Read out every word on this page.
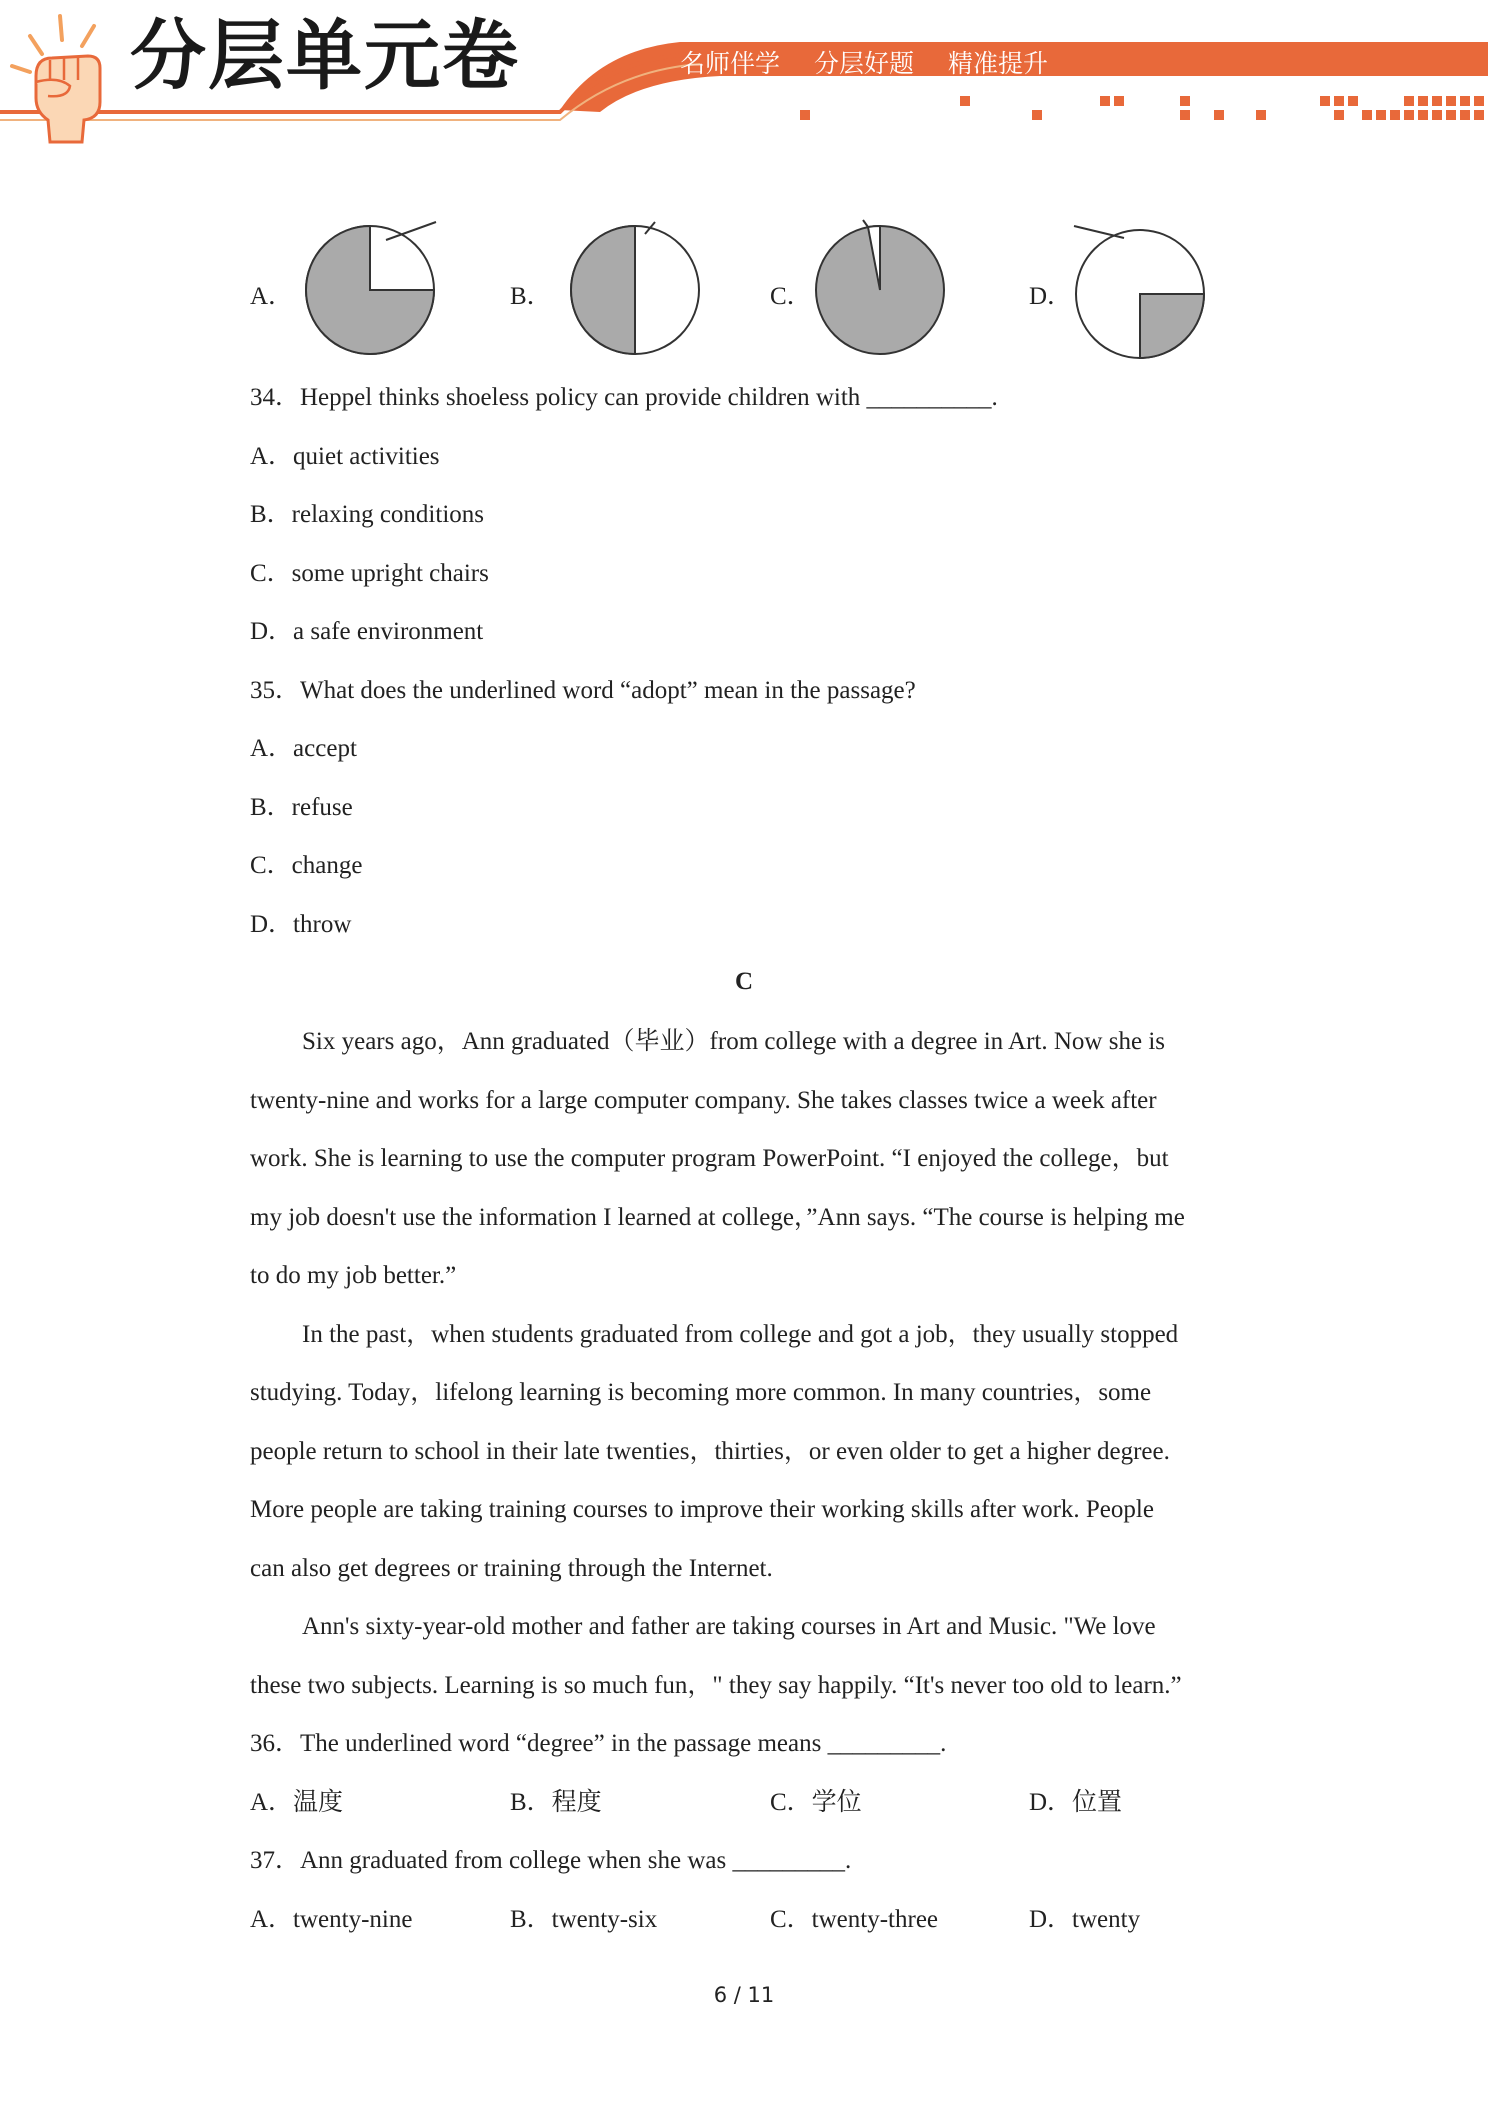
分层单元卷	名师伴学 分层好题 精准提升
A．	B．	C．	D．
34．Heppel thinks shoeless policy can provide children with __________.
A．quiet activities
B．relaxing conditions
C．some upright chairs
D．a safe environment
35．What does the underlined word “adopt” mean in the passage?
A．accept
B．refuse
C．change
D．throw
C
Six years ago，Ann graduated（毕业）from college with a degree in Art. Now she is
twenty-nine and works for a large computer company. She takes classes twice a week after
work. She is learning to use the computer program PowerPoint. “I enjoyed the college，but
my job doesn't use the information I learned at college，”Ann says. “The course is helping me
to do my job better.”
In the past，when students graduated from college and got a job，they usually stopped
studying. Today，lifelong learning is becoming more common. In many countries，some
people return to school in their late twenties，thirties，or even older to get a higher degree.
More people are taking training courses to improve their working skills after work. People
can also get degrees or training through the Internet.
Ann's sixty-year-old mother and father are taking courses in Art and Music. "We love
these two subjects. Learning is so much fun，" they say happily. “It's never too old to learn.”
36．The underlined word “degree” in the passage means _________.
A．温度	B．程度	C．学位	D．位置
37．Ann graduated from college when she was _________.
A．twenty-nine	B．twenty-six	C．twenty-three	D．twenty
6 / 11
